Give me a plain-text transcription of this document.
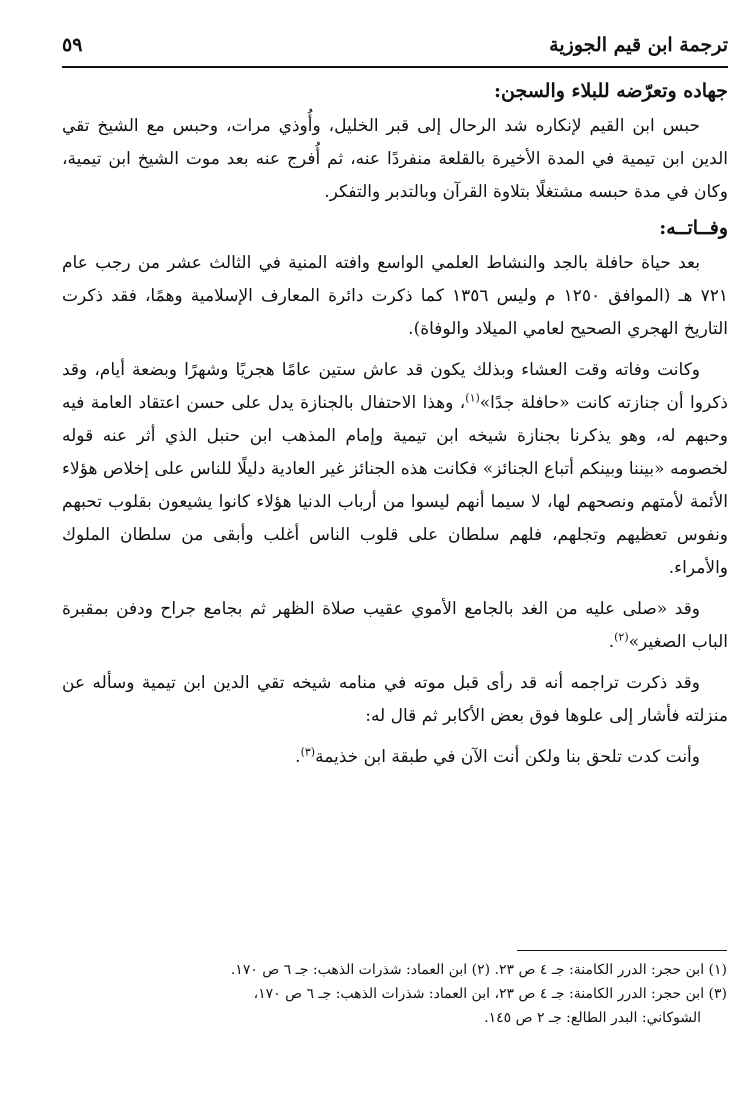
ترجمة ابن قيم الجوزية
٥٩
جهاده وتعرّضه للبلاء والسجن:

حبس ابن القيم لإنكاره شد الرحال إلى قبر الخليل، وأُوذي مرات، وحبس مع الشيخ تقي الدين ابن تيمية في المدة الأخيرة بالقلعة منفردًا عنه، ثم أُفرج عنه بعد موت الشيخ ابن تيمية، وكان في مدة حبسه مشتغلًا بتلاوة القرآن وبالتدبر والتفكر.

وفــاتــه:

بعد حياة حافلة بالجد والنشاط العلمي الواسع وافته المنية في الثالث عشر من رجب عام ٧٢١ هـ (الموافق ١٢٥٠ م وليس ١٣٥٦ كما ذكرت دائرة المعارف الإسلامية وهمًا، فقد ذكرت التاريخ الهجري الصحيح لعامي الميلاد والوفاة).

وكانت وفاته وقت العشاء وبذلك يكون قد عاش ستين عامًا هجريًا وشهرًا وبضعة أيام، وقد ذكروا أن جنازته كانت «حافلة جدًا»$^{(١)}$، وهذا الاحتفال بالجنازة يدل على حسن اعتقاد العامة فيه وحبهم له، وهو يذكرنا بجنازة شيخه ابن تيمية وإمام المذهب ابن حنبل الذي أثر عنه قوله لخصومه «بيننا وبينكم أتباع الجنائز» فكانت هذه الجنائز غير العادية دليلًا للناس على إخلاص هؤلاء الأئمة لأمتهم ونصحهم لها، لا سيما أنهم ليسوا من أرباب الدنيا هؤلاء كانوا يشيعون بقلوب تحبهم ونفوس تعظيهم وتجلهم، فلهم سلطان على قلوب الناس أغلب وأبقى من سلطان الملوك والأمراء.

وقد «صلى عليه من الغد بالجامع الأموي عقيب صلاة الظهر ثم بجامع جراح ودفن بمقبرة الباب الصغير»$^{(٢)}$.

وقد ذكرت تراجمه أنه قد رأى قبل موته في منامه شيخه تقي الدين ابن تيمية وسأله عن منزلته فأشار إلى علوها فوق بعض الأكابر ثم قال له:

وأنت كدت تلحق بنا ولكن أنت الآن في طبقة ابن خذيمة$^{(٣)}$.

(١) ابن حجر: الدرر الكامنة: جـ ٤ ص ٢٣. (٢) ابن العماد: شذرات الذهب: جـ ٦ ص ١٧٠.
(٣) ابن حجر: الدرر الكامنة: جـ ٤ ص ٢٣، ابن العماد: شذرات الذهب: جـ ٦ ص ١٧٠،
الشوكاني: البدر الطالع: جـ ٢ ص ١٤٥.
